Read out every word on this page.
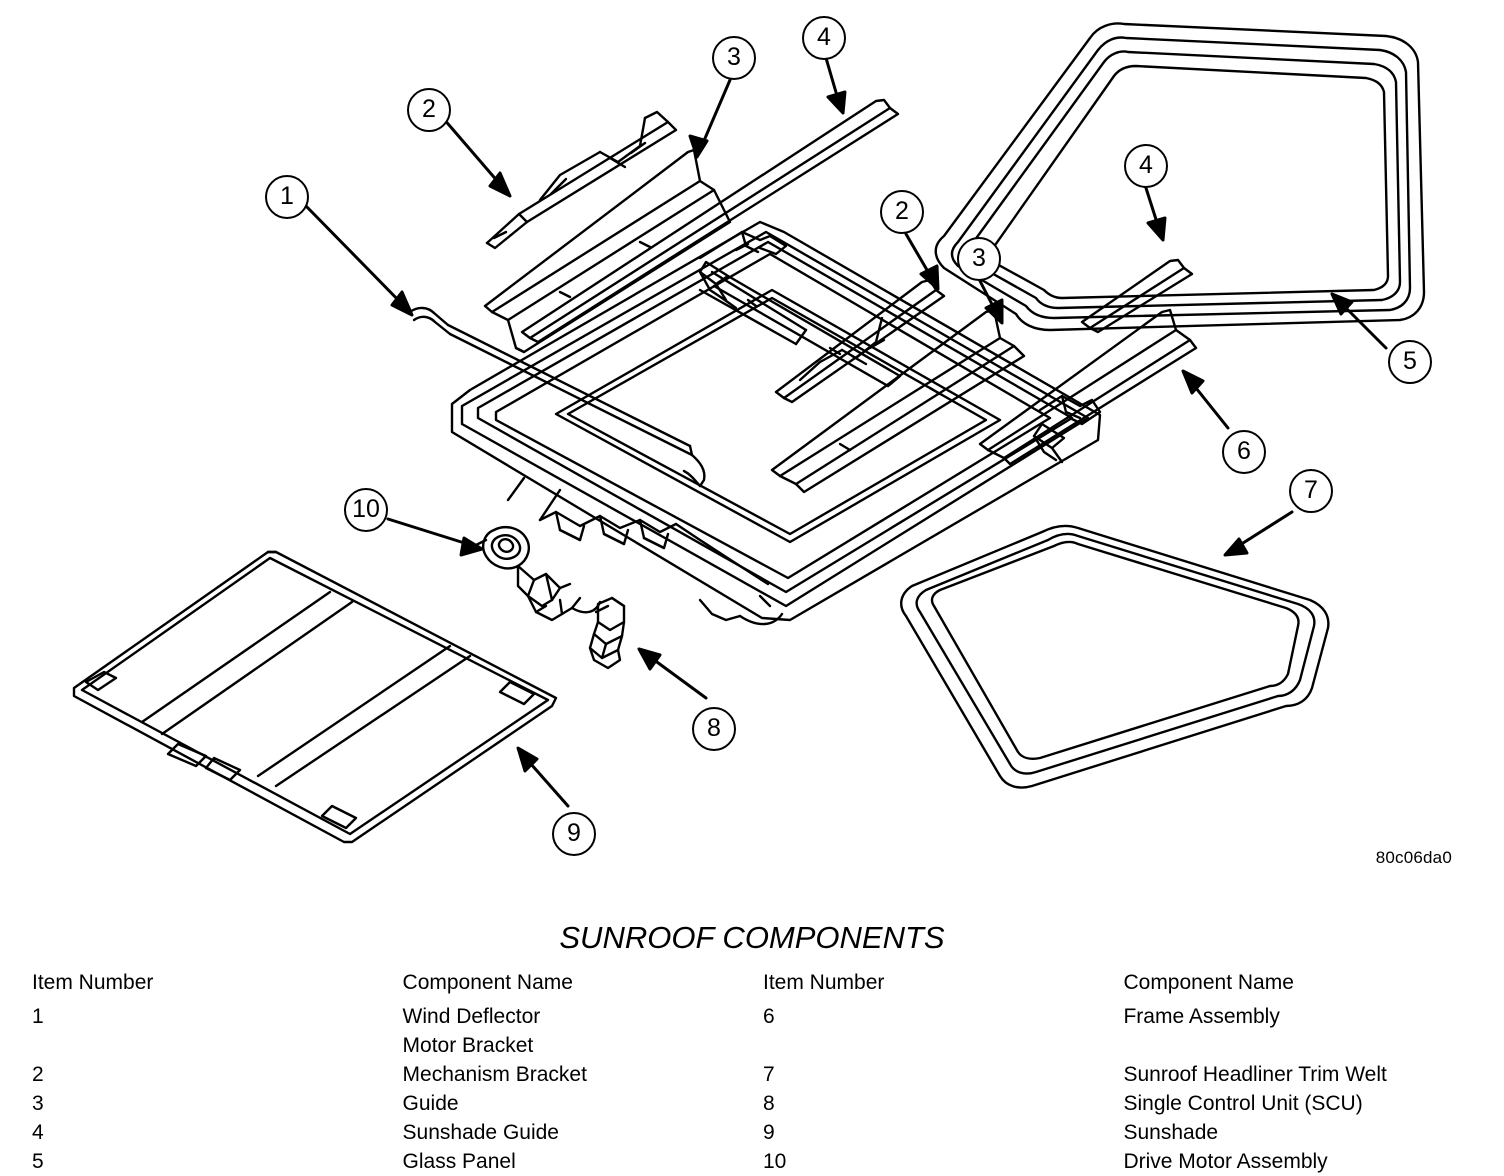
1
2
3
4
2
3
4
5
6
7
10
8
9
80c06da0
SUNROOF COMPONENTS
Item Number	Component Name	Item Number	Component Name
1	Wind Deflector	6	Frame Assembly
	Motor Bracket		
2	Mechanism Bracket	7	Sunroof Headliner Trim Welt
3	Guide	8	Single Control Unit (SCU)
4	Sunshade Guide	9	Sunshade
5	Glass Panel	10	Drive Motor Assembly
